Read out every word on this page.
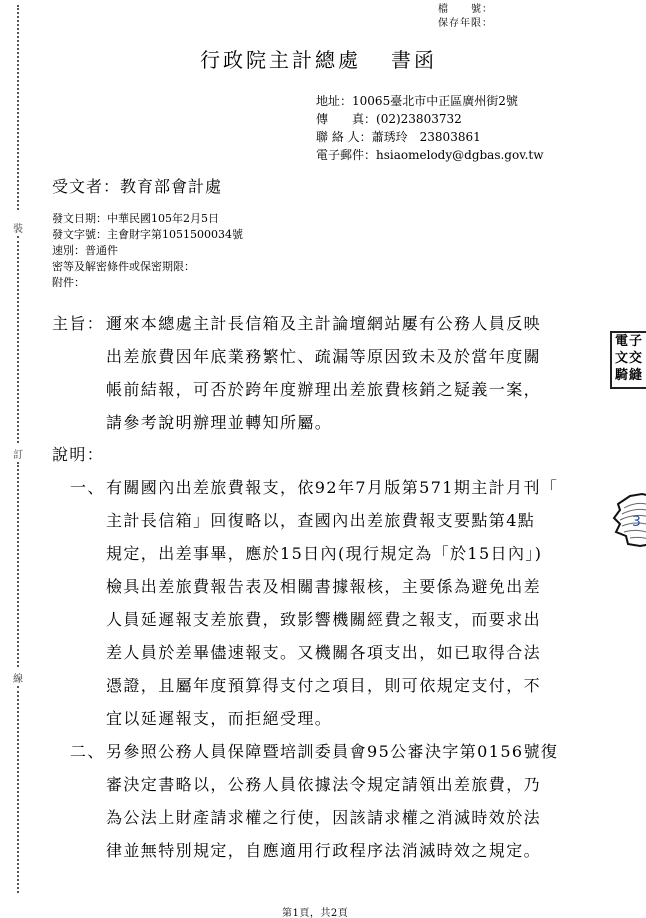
裝
訂
線
檔　　號：
保存年限：
行政院主計總處 書函
地址：10065臺北市中正區廣州街2號
傳　　真：(02)23803732
聯 絡 人：蕭琇玲　23803861
電子郵件：hsiaomelody@dgbas.gov.tw
受文者：教育部會計處
發文日期：中華民國105年2月5日
發文字號：主會財字第1051500034號
速別：普通件
密等及解密條件或保密期限：
附件：
主旨： 邇來本總處主計長信箱及主計論壇網站屢有公務人員反映
出差旅費因年底業務繁忙、疏漏等原因致未及於當年度關
帳前結報，可否於跨年度辦理出差旅費核銷之疑義一案，
請參考說明辦理並轉知所屬。
說明：
一、 有關國內出差旅費報支，依92年7月版第571期主計月刊「
主計長信箱」回復略以，查國內出差旅費報支要點第4點
規定，出差事畢，應於15日內(現行規定為「於15日內」)
檢具出差旅費報告表及相關書據報核，主要係為避免出差
人員延遲報支差旅費，致影響機關經費之報支，而要求出
差人員於差畢儘速報支。又機關各項支出，如已取得合法
憑證，且屬年度預算得支付之項目，則可依規定支付，不
宜以延遲報支，而拒絕受理。
二、 另參照公務人員保障暨培訓委員會95公審決字第0156號復
審決定書略以，公務人員依據法令規定請領出差旅費，乃
為公法上財產請求權之行使，因該請求權之消滅時效於法
律並無特別規定，自應適用行政程序法消滅時效之規定。
電子
文交
騎縫
3
第1頁，共2頁
